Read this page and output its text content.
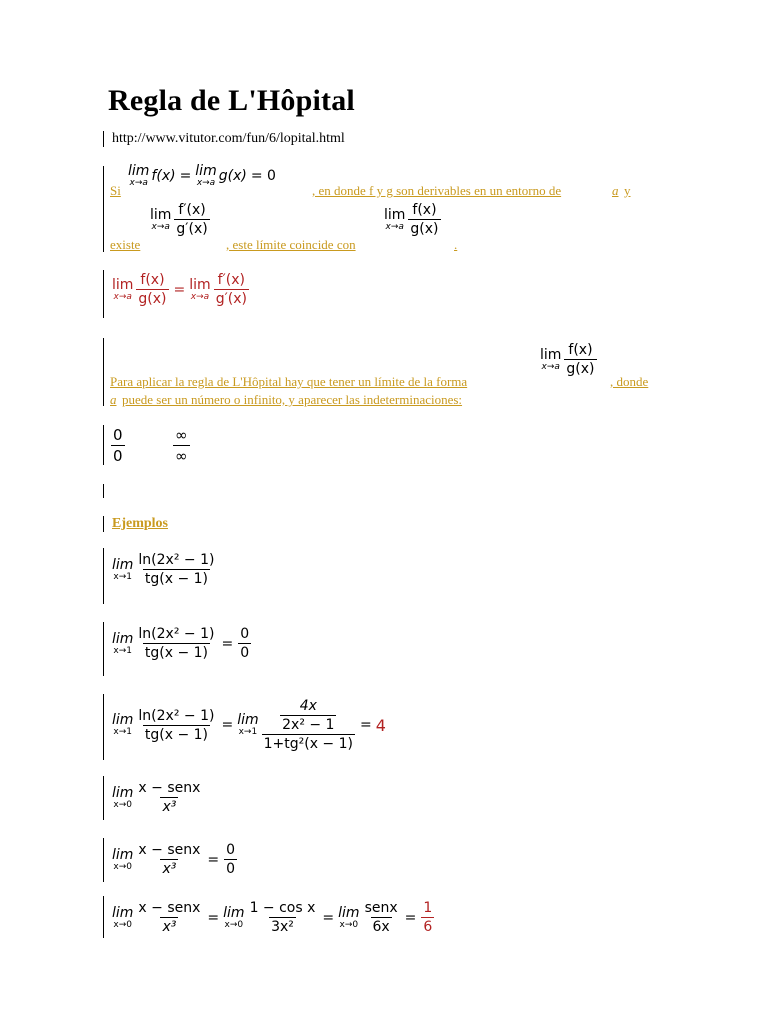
Regla de L'Hôpital
http://www.vitutor.com/fun/6/lopital.html
Si
lim
x→a f(x) = lim
x→a g(x) = 0
, en donde f y g son derivables en un entorno de	a y
existe
lim
$x\to a \frac{f'(x)}{g'(x)}$
, este límite coincide con
lim
$x\to a \frac{f(x)}{g(x)}$
.
lim
$x\to a \frac{f(x)}{g(x)} = \lim$
$x\to a \frac{f'(x)}{g'(x)}$
lim
$x\to a \frac{f(x)}{g(x)}$
Para aplicar la regla de L'Hôpital hay que tener un límite de la forma	, donde
a puede ser un número o infinito, y aparecer las indeterminaciones:
$\frac{0}{0}$	$\frac{\infty}{\infty}$
Ejemplos
lim
$x\to 1 \frac{\text{ln(2x² − 1)}}{tg(x - 1)}$
lim
$x\to 1 \frac{\text{ln(2x² − 1)}}{tg(x - 1)} = \frac{0}{0}$
lim
$x\to 1 \frac{\text{ln(2x² − 1)}}{tg(x - 1)} = \lim$
$x\to 1 \frac{\frac{4x}{\text{2x² − 1}}}{\text{1+tg²(x − 1)}} = 4$
lim
$x\to 0 \frac{\text{x − senx}}{\text{x³}}$
lim
$x\to 0 \frac{\text{x − senx}}{\text{x³}} = \frac{0}{0}$
lim
$x\to 0 \frac{\text{x − senx}}{\text{x³}} = \lim$
$x\to 0 \frac{\text{1 − cos x}}{\text{3x²}} = \lim$
$x\to 0 \frac{\text{senx}}{6x} = \frac{1}{6}$
